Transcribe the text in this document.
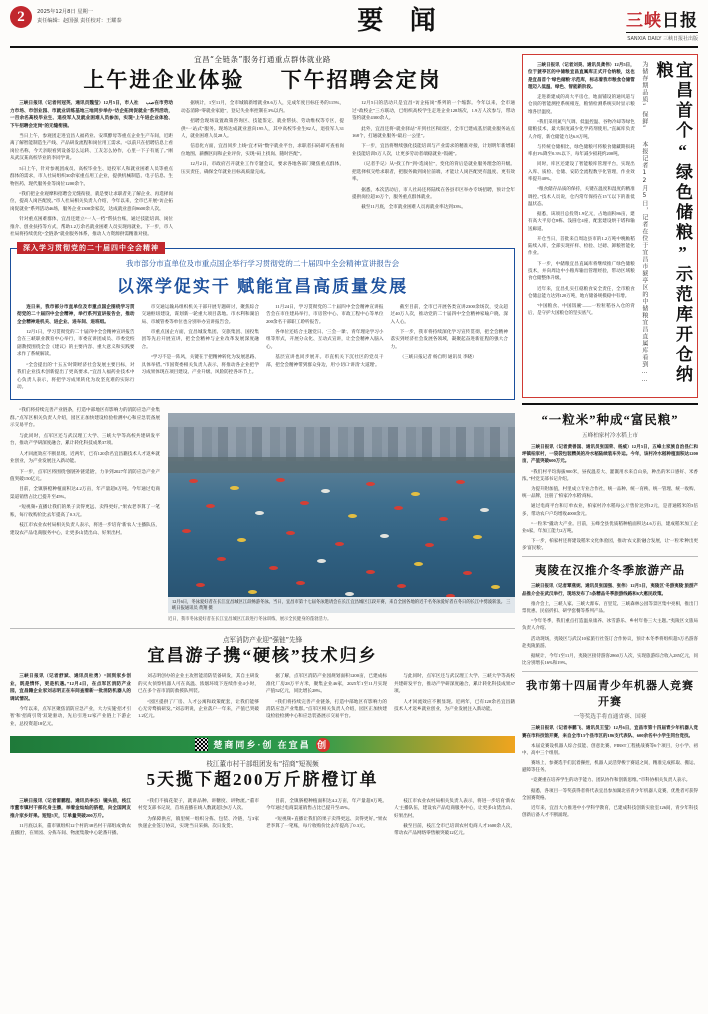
2	2025年12月8日 星期一
责任编辑：赵国强 责任校对：王耀泰	要 闻	三峡日报
SANXIA DAILY 三峡日报社出版
宜昌“全链条”服务打通重点群体就业路
上午进企业体验 下午招聘会定岗

三峡日报讯（记者何冠英、通讯员魏莹）12月5日，市人社局ًصب在市劳动力市场、市创业园、市就业训练基地三地同步举办“访企拓岗促就业”系列活动，一百余名高校毕业生、退役军人及就业困难人员参加，实现“上午进企业体验、下午招聘会定岗”的无缝衔接。

当日上午，参观团走进宜昌人福药业、安琪酵母等重点企业生产车间，近距离了解智能制造生产线、产品研发流程和岗位用工需求。“以前只在招聘信息上看岗位名称，今天亲眼看到设备怎么运转、工友怎么协作，心里一下子有底了。”刚从武汉某高校毕业的李同学说。

5日上午，针对参观团成员、高校毕业生、退役军人和就业困难人员等重点群体的需求，市人社局组织30余家重点用工企业，提供机械制造、电子信息、生物医药、现代服务业等岗位1200余个。

“我们把企业观摩和招聘会无缝衔接，就是要让求职者先了解企业、再选择岗位，提高人岗匹配度。”市人社局相关负责人介绍，今年以来，全市已开展“访企拓岗促就业”系列活动46场，服务企业1300余家次，达成就业意向8600余人次。

针对重点困难群体，宜昌还建立“一人一档”帮扶台账，通过技能培训、岗位推介、创业扶持等方式，帮助1.2万余名就业困难人员实现再就业。下一步，市人社局将持续优化“全链条”就业服务体系，推动人力资源供需精准对接。

据统计，1至11月，全市城镇新增就业8.6万人，完成年度目标任务的115%，动态消除“零就业家庭”，登记失业率控制在3%以内。

招聘会现场设置政策咨询区、技能鉴定、就业帮扶、劳动维权等专区，提供“一站式”服务。现场达成就业意向195人，其中高校毕业生82人，退役军人31人，就业困难人员28人。

信息化方面，宜昌同步上线“宜才码”数字就业平台，求职者扫码即可查看岗位地图、薪酬区间和企业评价，实现“码上找岗、随时匹配”。

12月2日，市政府召开就业工作专题会议，要求各地各部门聚焦重点群体，压实责任，确保全年就业目标高质量完成。

12月5日的活动只是宜昌“访企拓岗”系列的一个缩影。今年以来，全市通过“政校企”三方联动，已组织高校学生走进企业128场次，1.9万人次参与，带动签约就业4300余人。

此外，宜昌还将“就业驿站”开到社区和园区，全市已建成基层就业服务站点168个，打通就业服务“最后一公里”。

下一步，宜昌将继续强化技能培训与产业需求的精准对接，计划明年新增职业技能培训5万人次，让更多劳动者端稳就业“饭碗”。

（记者手记）从“找工作”到“选岗位”，变化的背后是就业服务理念的升级。把选择权交给求职者，把服务做到岗位前端，才能让人岗匹配更有温度、更有效率。

据悉，本次活动后，市人社局还将陆续在各县市区举办专场招聘，预计全年提供岗位超10万个，服务重点群体就业。

截至11月底，全市就业困难人员再就业率达到33%。

深入学习贯彻党的二十届四中全会精神
我市部分市直单位及市重点国企举行学习贯彻党的二十届四中全会精神宣讲报告会
以深学促实干 赋能宜昌高质量发展

连日来，我市部分市直单位及市重点国企围绕学习贯彻党的二十届四中全会精神，举行系列宣讲报告会，推动全会精神进机关、进企业、进车间、进班组。

12月1日，学习贯彻党的二十届四中全会精神宣讲报告会在三峡职业教育中心举行，市委宣讲团成员、市委党校副教授围绕全会《建议》的主要内容、重大意义和实践要求作了系统解读。

“全会提出的'十五五'时期经济社会发展主要目标，对我们企业技术创新提出了更高要求。”宜昌人福药业技术中心负责人表示，将把学习成果转化为攻坚克难的实际行动。

市交通运输局组织机关干部开展专题研讨，聚焦综合交通枢纽建设，谋划新一轮重大项目落地。市水利和湖泊局、市城管委等单位也分别举办宣讲报告会。

市重点国企方面，宜昌城发集团、交旅集团、国投集团等先后开展宣讲，把全会精神与企业改革发展深度融合。

“学习不是一阵风，关键在于把精神转化为发展思路、具体举措。”市国资委相关负责人表示，将推动各企业把学习成果体现在项目建设、产业升级、风险防控各环节上。

11月24日，学习贯彻党的二十届四中全会精神宣讲报告会在市住建局举行，市房管中心、市政工程中心等单位200余名干部职工聆听报告。

各单位还结合主题党日、'三会一课'、青年理论学习小组等形式，开展分众化、互动式宣讲，让全会精神入脑入心。

基层宣讲也同步展开。市直机关下沉社区的党员干部，把全会精神带到群众身边，用'小切口'讲清'大道理'。

截至目前，全市已开展各类宣讲2300余场次，受众超过40万人次，推动党的二十届四中全会精神家喻户晓、深入人心。

下一步，我市将持续深化学习宣传贯彻，把全会精神落实到经济社会发展各领域，凝聚起奋进新征程的强大合力。

（三峡日报记者 杨自明 通讯员 李晓）

“我们将持续完善产业链条，打造中部地区有影响力的消防应急产业集群。”点军区相关负责人介绍，园区正加快建设检验检测中心和应急装备展示交易平台。

与此同时，点军区还与武汉理工大学、三峡大学等高校共建研发平台，推动产学研深度融合，累计转化科技成果37项。

人才回流效应不断显现。近两年，已有120余名宜昌籍技术人才返乡就业创业，为产业发展注入新动能。

下一步，点军区将围绕'强链补链延链'，力争到2027年消防应急产业产值突破150亿元。

目前，全镇脐橙种植面积达4.2万亩，年产量超8万吨。今年通过电商渠道销售占比已提升至45%。

“短视频+直播让我们的果子卖得更远、卖得更好。”果农老李算了一笔账，每斤收购价比去年提高了0.3元。

枝江市农业农村局相关负责人表示，将进一步培育'新农人'主播队伍，建设农产品电商服务中心，让更多山货出山、好果出村。

12月6日，冬泳爱好者在长江宜昌城区江段畅游冬泳。当日，宜昌市第十七届冬泳邀请会在长江宜昌城区江段开赛，来自全国各地的近千名冬泳爱好者在冬日的长江中劈波斩浪。 三峡日报通讯员 黄翔 摄
近日，我市冬泳爱好者在长江宜昌城区江段进行冬泳训练，展示全民健身的蓬勃活力。
点军消防产业迎“强链”先锋
宜昌游子携“硬核”技术归乡

三峡日报讯（记者舒斌、通讯员杜勇）“回到家乡创业，既是情怀，更是机遇。”12月4日，在点军区消防产业园，宜昌籍企业家刘志明正在车间查看新一批消防机器人的调试情况。

今年以来，点军区聚焦消防应急产业，大力实施'招才引智'和'招商引资'双轮驱动，先后引进12家产业链上下游企业，总投资超18亿元。

刘志明创办的企业主攻智能消防装备研发，其自主研发的灭火侦察机器人可在高温、浓烟环境下连续作业4小时，已在多个省市消防救援队列装。

“园区提供了厂房、人才公寓和政策配套，让我们能够心无旁骛搞研发。”刘志明说，企业落户一年来，产值已突破1.2亿元。

据了解，点军区消防产业园规划面积1200亩，已建成标准化厂房28万平方米，聚集企业46家，2025年1至11月实现产值52亿元，同比增长28%。

“我们将持续完善产业链条，打造中部地区有影响力的消防应急产业集群。”点军区相关负责人介绍，园区正加快建设检验检测中心和应急装备展示交易平台。

与此同时，点军区还与武汉理工大学、三峡大学等高校共建研发平台，推动产学研深度融合，累计转化科技成果37项。

人才回流效应不断显现。近两年，已有120余名宜昌籍技术人才返乡就业创业，为产业发展注入新动能。

楚商同乡·创 在宜昌 创
枝江董市村干部组团发布“招商”短视频
5天揽下超200万斤脐橙订单

三峡日报讯（记者雷鹏程、通讯员李杰）镜头前，枝江市董市镇村干部化身主播，举着金灿灿的脐橙，向全国网友推介家乡好果。短短5天，订单量突破200万斤。

11月底以来，董市镇组织12个村的38名村干部组成'助农直播团'，在果园、分拣车间、物流集散中心轮番开播。

“我们不搞花架子，就讲品种、讲糖度、讲物流。”董市村党支部书记说，首场直播在线人数就超过8万人次。

为保障供应，镇里统一组织分拣、包装、冷链，与3家快递企业签订协议，实现'当日采摘、次日发货'。

目前，全镇脐橙种植面积达4.2万亩，年产量超8万吨。今年通过电商渠道销售占比已提升至45%。

“短视频+直播让我们的果子卖得更远、卖得更好。”果农老李算了一笔账，每斤收购价比去年提高了0.3元。

枝江市农业农村局相关负责人表示，将进一步培育'新农人'主播队伍，建设农产品电商服务中心，让更多山货出山、好果出村。

截至目前，枝江全市已培训农村电商人才1600余人次，带动农产品网络零售额突破12亿元。

宜昌首个“绿色储粮”示范库开仓纳粮
为储存期品质“保鲜” 本报记者12月5日，记者在位于宜昌市猇亭区的中储粮宜昌直属库看到……

三峡日报讯（记者刘昊、通讯员龚伟）12月5日，位于猇亭区的中储粮宜昌直属库正式开仓纳粮，这也是宜昌首个'绿色储粮'示范库，标志着我市粮食仓储管理迈入低温、绿色、智能新阶段。

走进新建成的高大平房仓，地面铺设的通风道与仓顶的智能测控系统相连，粮情检测系统实时显示粮堆各层温度。

“我们采用氮气气调、低温控温、谷物冷却等绿色储粮技术，最大限度减少化学药剂使用。”直属库负责人介绍，新仓储能力达6.8万吨。

与传统仓储相比，绿色储粮可将粮食储藏期损耗率由1%降至0.3%以下，每年减少损耗约200吨。

同时，库区还建设了智能粮库管理平台，实现出入库、质检、仓储、安防全流程数字化管理，作业效率提升40%。

“粮食储存品质的保持，关键在温度和湿度的精准调控。”技术人员说，仓内常年保持在15℃以下的准低温状态。

据悉，该项目总投资1.9亿元，占地面积86亩，建有高大平房仓8栋、浅圆仓4座，配套建设烘干塔和输送廊道。

开仓当日，首批来自周边县市的1.2万吨中晚籼稻陆续入库，全部实现扦样、检验、过磅、卸粮智能化作业。

下一步，中储粮宜昌直属库将继续推广绿色储粮技术，并向周边中小粮库输出管理经验，带动区域粮食仓储整体升级。

近年来，宜昌扎实扛稳粮食安全责任，全市粮食仓储总能力达到120万吨，地方储备规模稳中有增。

'中国粮食、中国饭碗'——一粒粒稻谷入仓的背后，是守护大国粮仓的坚实底气。

“一粒米”种成“富民粮”
五峰柏家村冷水稻上市

三峡日报讯（记者黄善国、通讯员张国荣、杨威）12月5日，五峰土家族自治县仁和坪镇柏家村，一袋袋包装精美的冷水稻陆续装车外运。今年，该村冷水稻种植面积达1200亩，产值突破600万元。

“我们村平均海拔900米，昼夜温差大、灌溉用水来自山泉，种出的米口感好、米香浓。”村党支部书记介绍。

为提升附加值，村里成立专业合作社，统一品种、统一育秧、统一管理、统一收购、统一品牌，注册了'柏家冷水稻'商标。

通过电商平台和订单农业，柏家村冷水稻每公斤售价达到12元，是普通稻米的3倍多，带动农户户均增收4000余元。

“一粒米”撬动大产业。目前，五峰全县优质稻种植面积达4.6万亩，建成稻米加工企业6家，年加工能力2万吨。

下一步，柏家村还将建设稻米文化体验园，推动'农文旅'融合发展，让'一粒米'种出更多'富民粮'。

夷陵在汉推介冬季旅游产品

三峡日报讯（记者覃燕妮、通讯员张国强、张伟）12月5日，夷陵区'冬游夷陵'旅游产品推介会在武汉举行，现场发布了5条精品冬季旅游线路和6大惠民政策。

推介会上，三峡人家、三峡大瀑布、百里荒、三峡森林公园等景区集中亮相，推出门票优惠、民宿折扣、研学套餐等系列产品。

“今年冬季，我们重点打造温泉康养、冰雪游乐、乡村年俗三大主题。”夷陵区文旅局负责人介绍。

活动现场，夷陵区与武汉10家旅行社签订合作协议，预计本冬季将组织超5万名游客赴夷陵旅游。

据统计，今年1至11月，夷陵区接待游客2860万人次，实现旅游综合收入285亿元，同比分别增长16%和19%。

我市第十四届青少年机器人竞赛开赛
一等奖选手将直通省赛、国赛

三峡日报讯（记者李鹏飞、通讯员王莹）12月6日，宜昌市第十四届青少年机器人竞赛在市科技馆开赛，来自全市13个县市区的186支代表队、600余名中小学生同台竞技。

本届竞赛设机器人综合技能、创意比赛、FIRST工程挑战赛等6个项目，分小学、初中、高中三个组别。

赛场上，参赛选手们沉着操控，机器人灵活穿梭于赛道之间，精准完成抓取、搬运、避障等任务。

“竞赛重在培养学生的动手能力、团队协作和创新思维。”市科协相关负责人表示。

据悉，各项目一等奖获得者将代表宜昌参加湖北省青少年机器人竞赛，优胜者可获得全国赛资格。

近年来，宜昌大力推进中小学科学教育，已建成科技创新实验室126间，青少年科技创新后备人才不断涌现。
